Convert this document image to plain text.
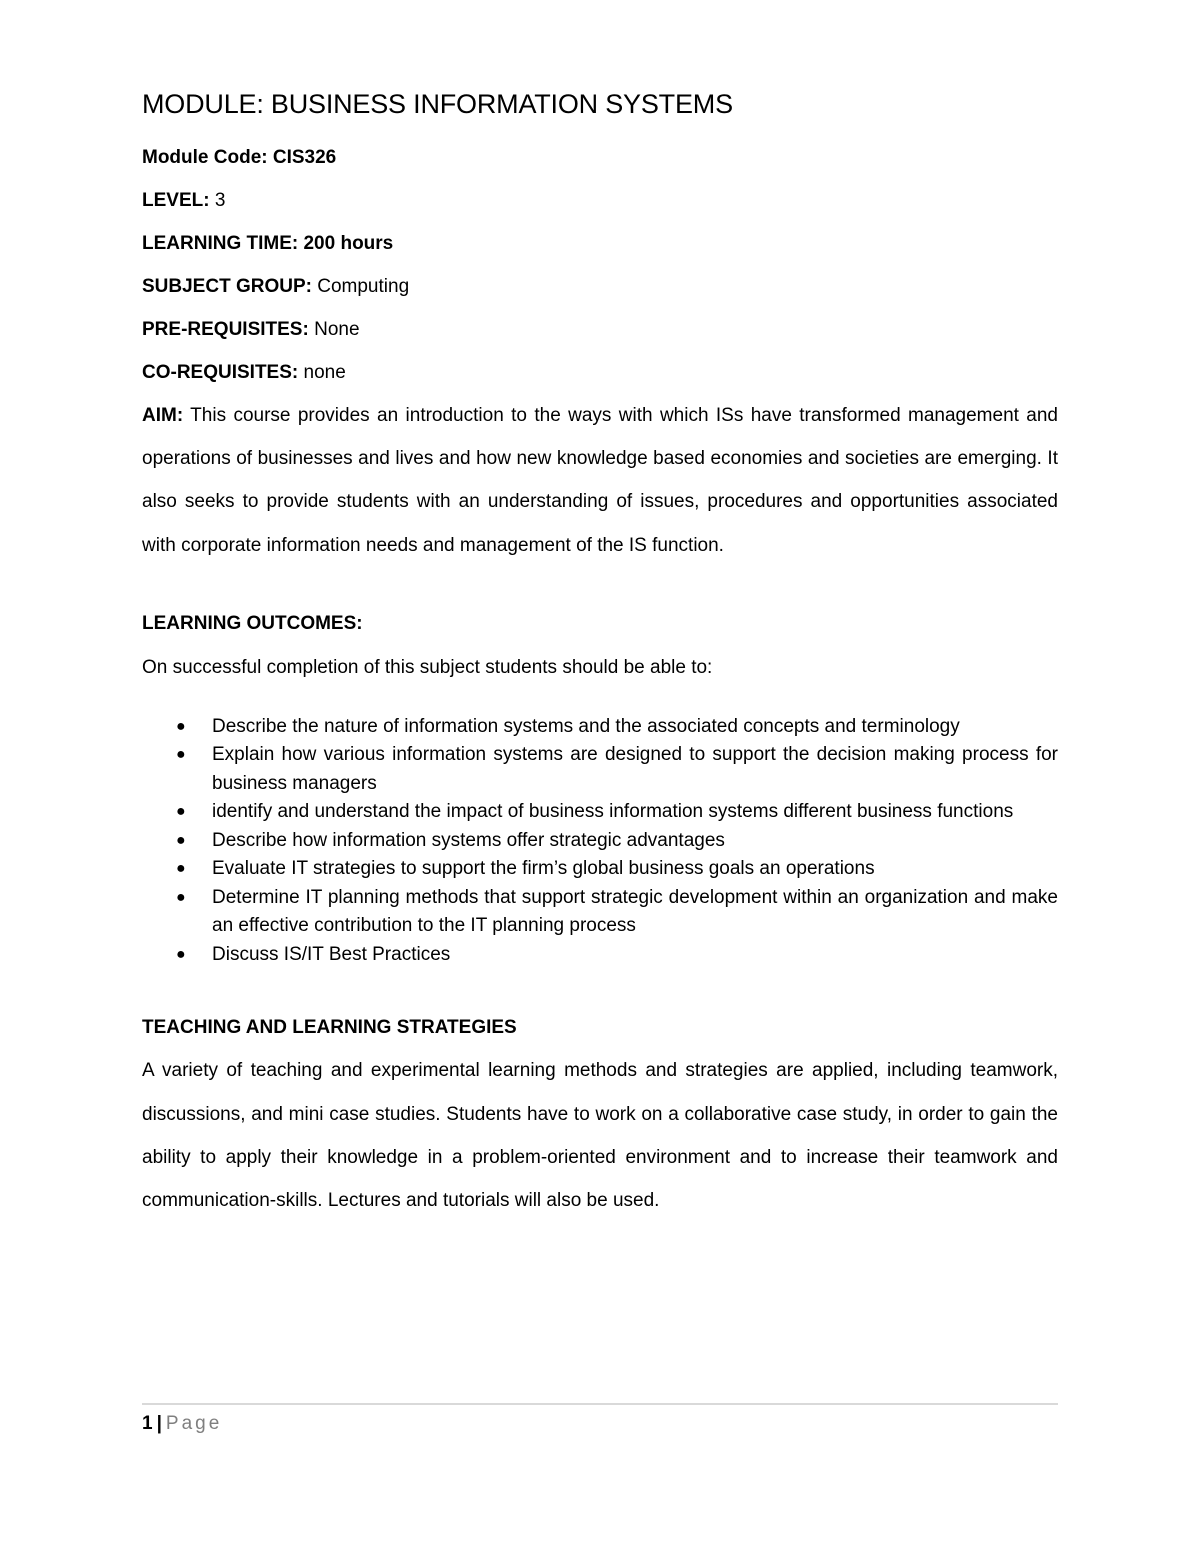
MODULE: BUSINESS INFORMATION SYSTEMS
Module Code: CIS326
LEVEL: 3
LEARNING TIME: 200 hours
SUBJECT GROUP: Computing
PRE-REQUISITES: None
CO-REQUISITES: none

AIM: This course provides an introduction to the ways with which ISs have transformed management and operations of businesses and lives and how new knowledge based economies and societies are emerging. It also seeks to provide students with an understanding of issues, procedures and opportunities associated with corporate information needs and management of the IS function.

LEARNING OUTCOMES:
On successful completion of this subject students should be able to:
● Describe the nature of information systems and the associated concepts and terminology
● Explain how various information systems are designed to support the decision making process for business managers
● identify and understand the impact of business information systems different business functions
● Describe how information systems offer strategic advantages
● Evaluate IT strategies to support the firm’s global business goals an operations
● Determine IT planning methods that support strategic development within an organization and make an effective contribution to the IT planning process
● Discuss IS/IT Best Practices
TEACHING AND LEARNING STRATEGIES

A variety of teaching and experimental learning methods and strategies are applied, including teamwork, discussions, and mini case studies. Students have to work on a collaborative case study, in order to gain the ability to apply their knowledge in a problem-oriented environment and to increase their teamwork and communication-skills. Lectures and tutorials will also be used.

1 | Page
